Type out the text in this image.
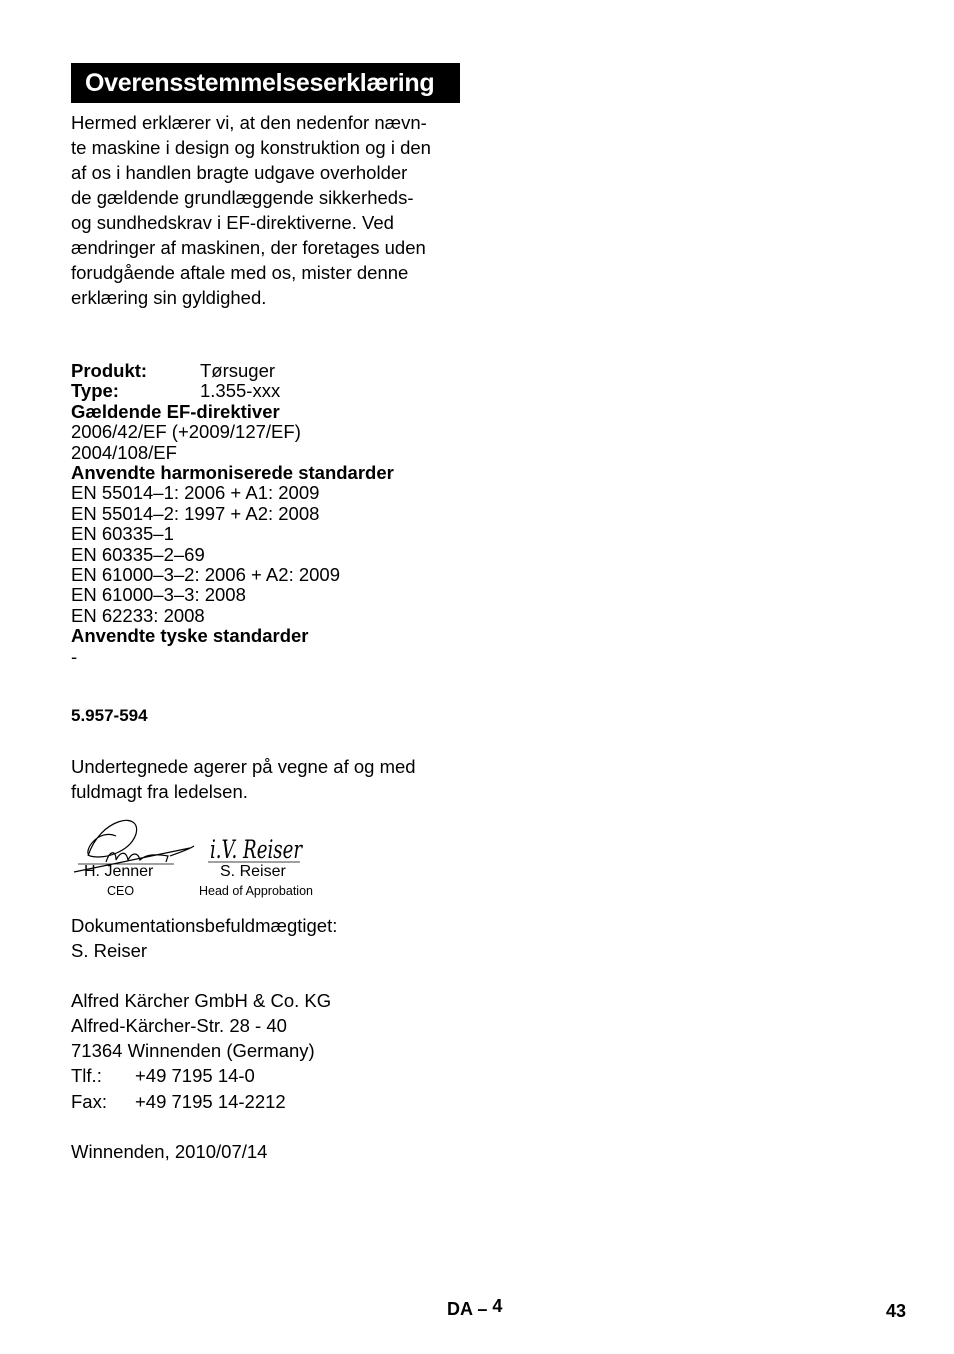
Overensstemmelseserklæring
Hermed erklærer vi, at den nedenfor nævn-
te maskine i design og konstruktion og i den
af os i handlen bragte udgave overholder
de gældende grundlæggende sikkerheds-
og sundhedskrav i EF-direktiverne. Ved
ændringer af maskinen, der foretages uden
forudgående aftale med os, mister denne
erklæring sin gyldighed.
Produkt:	Tørsuger
Type:	1.355-xxx
Gældende EF-direktiver
2006/42/EF (+2009/127/EF)
2004/108/EF
Anvendte harmoniserede standarder
EN 55014–1: 2006 + A1: 2009
EN 55014–2: 1997 + A2: 2008
EN 60335–1
EN 60335–2–69
EN 61000–3–2: 2006 + A2: 2009
EN 61000–3–3: 2008
EN 62233: 2008
Anvendte tyske standarder
-
5.957-594
Undertegnede agerer på vegne af og med
fuldmagt fra ledelsen.
i.V. Reiser
H. Jenner
CEO
S. Reiser
Head of Approbation
Dokumentationsbefuldmægtiget:
S. Reiser
Alfred Kärcher GmbH & Co. KG
Alfred-Kärcher-Str. 28 - 40
71364 Winnenden (Germany)
Tlf.: +49 7195 14-0
Fax: +49 7195 14-2212
Winnenden, 2010/07/14
DA – 4	43
